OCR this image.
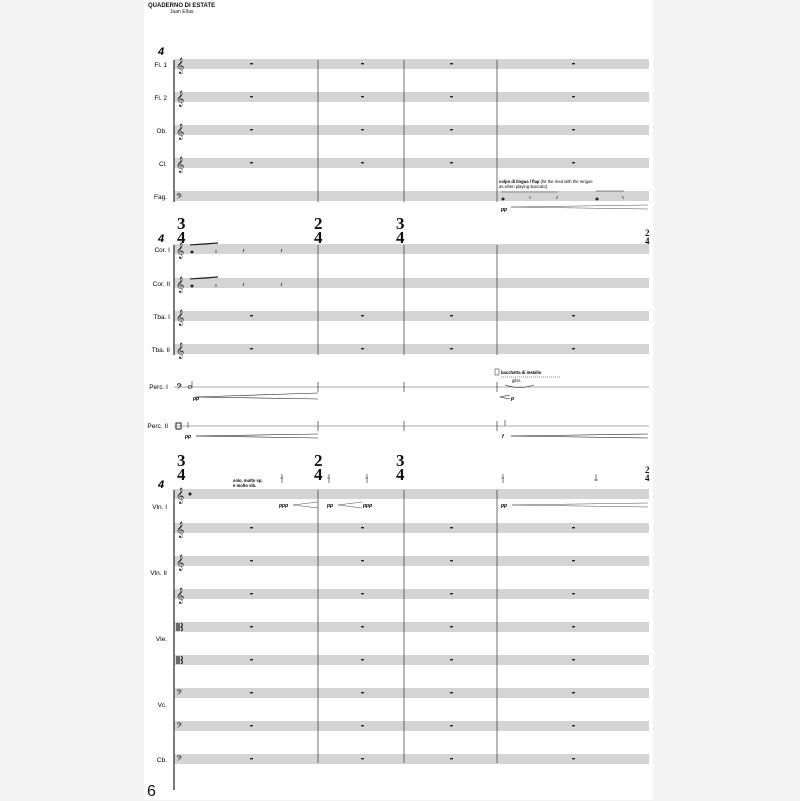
QUADERNO DI ESTATE
Juan Elías
4
4
4
Fl. 1
Fl. 2
Ob.
Cl.
Fag.
𝄞
𝄞
𝄞
𝄞
𝄢
colpo di lingua / flap (hit the reed with the tongue
as when playing staccato)
pp
3
4
2
4
3
4	2
4
Cor. I
Cor. II
Tba. I
Tba. II
𝄞
𝄞
𝄞
𝄞
Perc. I
Perc. II
𝄢
pp
pp
p
f
bacchetta di metallo
gliss.
3
4
2
4
3
4	2
4
Vln. I
Vln. II
Vle.
Vc.
Cb.
𝄞
𝄞
𝄞
𝄞
𝄢
𝄢
𝄢
solo, molto sp.
e molto vib.
ppp	pp	ppp	pp
6
